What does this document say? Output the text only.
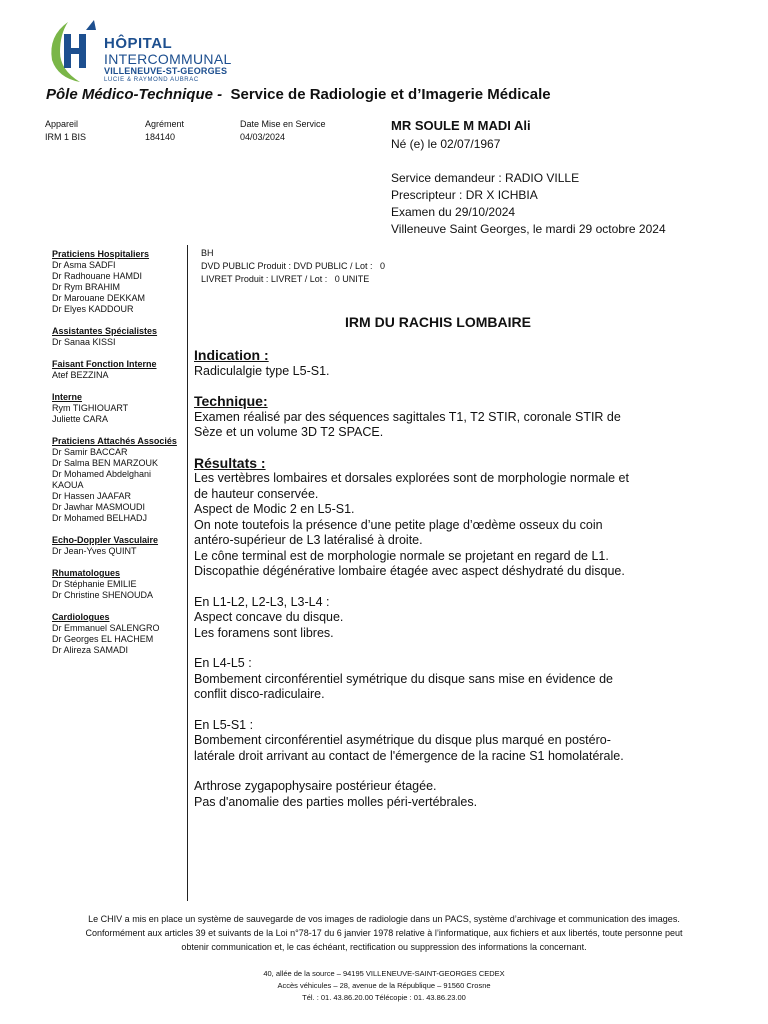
HÔPITAL
INTERCOMMUNAL
VILLENEUVE-ST-GEORGES
LUCIE & RAYMOND AUBRAC
Pôle Médico-Technique - Service de Radiologie et d’Imagerie Médicale
Appareil
IRM 1 BIS
Agrément
184140
Date Mise en Service
04/03/2024
MR SOULE M MADI Ali
Né (e) le 02/07/1967
Service demandeur : RADIO VILLE
Prescripteur : DR X ICHBIA
Examen du 29/10/2024
Villeneuve Saint Georges, le mardi 29 octobre 2024
Praticiens Hospitaliers
Dr Asma SADFI
Dr Radhouane HAMDI
Dr Rym BRAHIM
Dr Marouane DEKKAM
Dr Elyes KADDOUR
Assistantes Spécialistes
Dr Sanaa KISSI
Faisant Fonction Interne
Atef BEZZINA
Interne
Rym TIGHIOUART
Juliette CARA
Praticiens Attachés Associés
Dr Samir BACCAR
Dr Salma BEN MARZOUK
Dr Mohamed Abdelghani
KAOUA
Dr Hassen JAAFAR
Dr Jawhar MASMOUDI
Dr Mohamed BELHADJ
Echo-Doppler Vasculaire
Dr Jean-Yves QUINT
Rhumatologues
Dr Stéphanie EMILIE
Dr Christine SHENOUDA
Cardiologues
Dr Emmanuel SALENGRO
Dr Georges EL HACHEM
Dr Alireza SAMADI
BH
DVD PUBLIC Produit : DVD PUBLIC / Lot :   0
LIVRET Produit : LIVRET / Lot :   0 UNITE
IRM DU RACHIS LOMBAIRE
Indication :
Radiculalgie type L5-S1.
Technique:
Examen réalisé par des séquences sagittales T1, T2 STIR, coronale STIR de
Sèze et un volume 3D T2 SPACE.
Résultats :
Les vertèbres lombaires et dorsales explorées sont de morphologie normale et
de hauteur conservée.
Aspect de Modic 2 en L5-S1.
On note toutefois la présence d’une petite plage d’œdème osseux du coin
antéro-supérieur de L3 latéralisé à droite.
Le cône terminal est de morphologie normale se projetant en regard de L1.
Discopathie dégénérative lombaire étagée avec aspect déshydraté du disque.
En L1-L2, L2-L3, L3-L4 :
Aspect concave du disque.
Les foramens sont libres.
En L4-L5 :
Bombement circonférentiel symétrique du disque sans mise en évidence de
conflit disco-radiculaire.
En L5-S1 :
Bombement circonférentiel asymétrique du disque plus marqué en postéro-
latérale droit arrivant au contact de l'émergence de la racine S1 homolatérale.
Arthrose zygapophysaire postérieur étagée.
Pas d'anomalie des parties molles péri-vertébrales.
Le CHIV a mis en place un système de sauvegarde de vos images de radiologie dans un PACS, système d’archivage et communication des images.
Conformément aux articles 39 et suivants de la Loi n°78-17 du 6 janvier 1978 relative à l’informatique, aux fichiers et aux libertés, toute personne peut
obtenir communication et, le cas échéant, rectification ou suppression des informations la concernant.
40, allée de la source – 94195 VILLENEUVE-SAINT-GEORGES CEDEX
Accès véhicules – 28, avenue de la République – 91560 Crosne
Tél. : 01. 43.86.20.00 Télécopie : 01. 43.86.23.00
